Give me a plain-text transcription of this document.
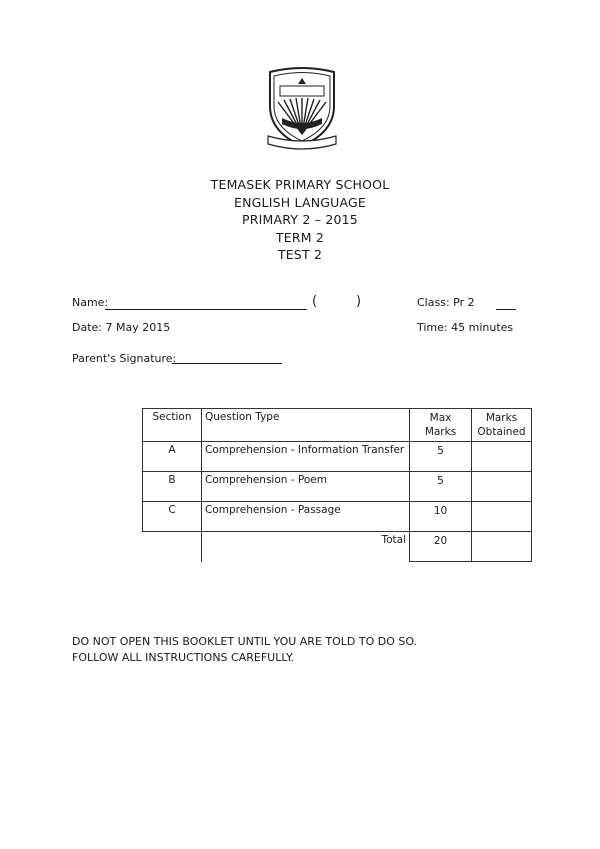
TEMASEK PRIMARY SCHOOL
ENGLISH LANGUAGE
PRIMARY 2 – 2015
TERM 2
TEST 2
Name:	(	)	Class: Pr 2
Date: 7 May 2015	Time: 45 minutes
Parent's Signature:
Section	Question Type	Max Marks	Marks Obtained
A	Comprehension - Information Transfer	5	
B	Comprehension - Poem	5	
C	Comprehension - Passage	10	
	Total	20	
DO NOT OPEN THIS BOOKLET UNTIL YOU ARE TOLD TO DO SO.
FOLLOW ALL INSTRUCTIONS CAREFULLY.
